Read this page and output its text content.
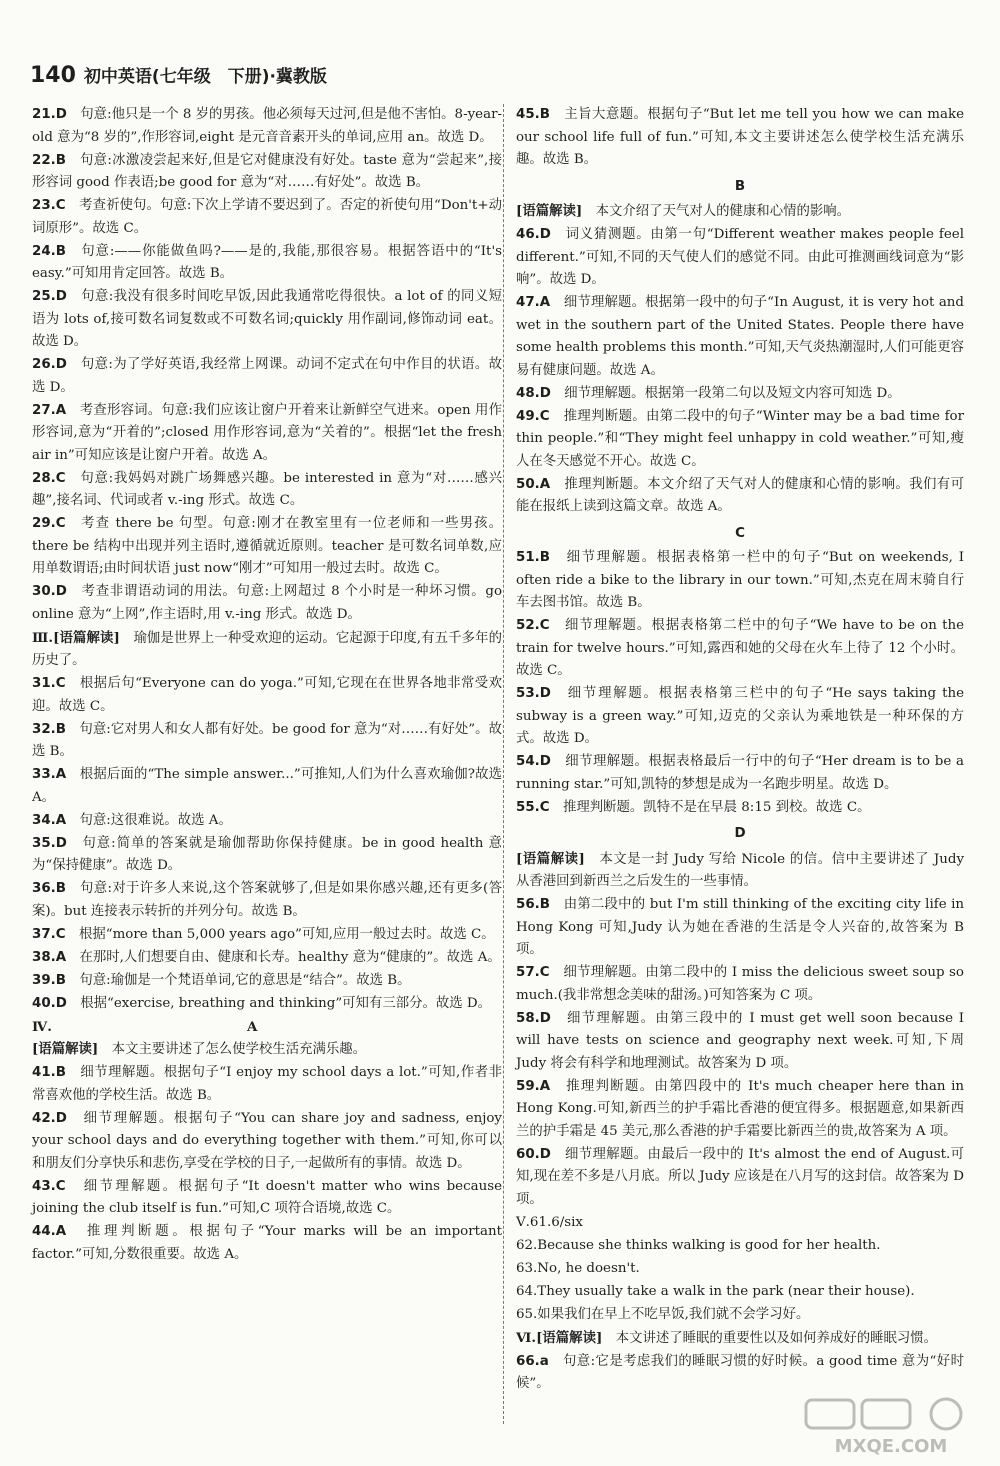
140 初中英语(七年级　下册)·冀教版
21.D　 句意:他只是一个 8 岁的男孩。他必须每天过河,但是他不害怕。8-year-old 意为“8 岁的”,作形容词,eight 是元音音素开头的单词,应用 an。故选 D。
22.B　 句意:冰激凌尝起来好,但是它对健康没有好处。taste 意为“尝起来”,接形容词 good 作表语;be good for 意为“对……有好处”。故选 B。
23.C　 考查祈使句。句意:下次上学请不要迟到了。否定的祈使句用“Don't+动词原形”。故选 C。
24.B　 句意:——你能做鱼吗?——是的,我能,那很容易。根据答语中的“It's easy.”可知用肯定回答。故选 B。
25.D　 句意:我没有很多时间吃早饭,因此我通常吃得很快。a lot of 的同义短语为 lots of,接可数名词复数或不可数名词;quickly 用作副词,修饰动词 eat。故选 D。
26.D　 句意:为了学好英语,我经常上网课。动词不定式在句中作目的状语。故选 D。
27.A　 考查形容词。句意:我们应该让窗户开着来让新鲜空气进来。open 用作形容词,意为“开着的”;closed 用作形容词,意为“关着的”。根据“let the fresh air in”可知应该是让窗户开着。故选 A。
28.C　 句意:我妈妈对跳广场舞感兴趣。be interested in 意为“对……感兴趣”,接名词、代词或者 v.-ing 形式。故选 C。
29.C　 考查 there be 句型。句意:刚才在教室里有一位老师和一些男孩。there be 结构中出现并列主语时,遵循就近原则。teacher 是可数名词单数,应用单数谓语;由时间状语 just now“刚才”可知用一般过去时。故选 C。
30.D　 考查非谓语动词的用法。句意:上网超过 8 个小时是一种坏习惯。go online 意为“上网”,作主语时,用 v.-ing 形式。故选 D。
Ⅲ.[语篇解读]　 瑜伽是世界上一种受欢迎的运动。它起源于印度,有五千多年的历史了。
31.C　 根据后句“Everyone can do yoga.”可知,它现在在世界各地非常受欢迎。故选 C。
32.B　 句意:它对男人和女人都有好处。be good for 意为“对……有好处”。故选 B。
33.A　 根据后面的“The simple answer...”可推知,人们为什么喜欢瑜伽?故选 A。
34.A　 句意:这很难说。故选 A。
35.D　 句意:简单的答案就是瑜伽帮助你保持健康。be in good health 意为“保持健康”。故选 D。
36.B　 句意:对于许多人来说,这个答案就够了,但是如果你感兴趣,还有更多(答案)。but 连接表示转折的并列分句。故选 B。
37.C　 根据“more than 5,000 years ago”可知,应用一般过去时。故选 C。
38.A　 在那时,人们想要自由、健康和长寿。healthy 意为“健康的”。故选 A。
39.B　 句意:瑜伽是一个梵语单词,它的意思是“结合”。故选 B。
40.D　 根据“exercise, breathing and thinking”可知有三部分。故选 D。
Ⅳ.	A
[语篇解读]　 本文主要讲述了怎么使学校生活充满乐趣。
41.B　 细节理解题。根据句子“I enjoy my school days a lot.”可知,作者非常喜欢他的学校生活。故选 B。
42.D　 细节理解题。根据句子“You can share joy and sadness, enjoy your school days and do everything together with them.”可知,你可以和朋友们分享快乐和悲伤,享受在学校的日子,一起做所有的事情。故选 D。
43.C　 细节理解题。根据句子“It doesn't matter who wins because joining the club itself is fun.”可知,C 项符合语境,故选 C。
44.A　 推理判断题。根据句子“Your marks will be an important factor.”可知,分数很重要。故选 A。
45.B　 主旨大意题。根据句子“But let me tell you how we can make our school life full of fun.”可知,本文主要讲述怎么使学校生活充满乐趣。故选 B。
B
[语篇解读]　 本文介绍了天气对人的健康和心情的影响。
46.D　 词义猜测题。由第一句“Different weather makes people feel different.”可知,不同的天气使人们的感觉不同。由此可推测画线词意为“影响”。故选 D。
47.A　 细节理解题。根据第一段中的句子“In August, it is very hot and wet in the southern part of the United States. People there have some health problems this month.”可知,天气炎热潮湿时,人们可能更容易有健康问题。故选 A。
48.D　 细节理解题。根据第一段第二句以及短文内容可知选 D。
49.C　 推理判断题。由第二段中的句子“Winter may be a bad time for thin people.”和“They might feel unhappy in cold weather.”可知,瘦人在冬天感觉不开心。故选 C。
50.A　 推理判断题。本文介绍了天气对人的健康和心情的影响。我们有可能在报纸上读到这篇文章。故选 A。
C
51.B　 细节理解题。根据表格第一栏中的句子“But on weekends, I often ride a bike to the library in our town.”可知,杰克在周末骑自行车去图书馆。故选 B。
52.C　 细节理解题。根据表格第二栏中的句子“We have to be on the train for twelve hours.”可知,露西和她的父母在火车上待了 12 个小时。故选 C。
53.D　 细节理解题。根据表格第三栏中的句子“He says taking the subway is a green way.”可知,迈克的父亲认为乘地铁是一种环保的方式。故选 D。
54.D　 细节理解题。根据表格最后一行中的句子“Her dream is to be a running star.”可知,凯特的梦想是成为一名跑步明星。故选 D。
55.C　 推理判断题。凯特不是在早晨 8:15 到校。故选 C。
D
[语篇解读]　 本文是一封 Judy 写给 Nicole 的信。信中主要讲述了 Judy 从香港回到新西兰之后发生的一些事情。
56.B　 由第二段中的 but I'm still thinking of the exciting city life in Hong Kong 可知,Judy 认为她在香港的生活是令人兴奋的,故答案为 B 项。
57.C　 细节理解题。由第二段中的 I miss the delicious sweet soup so much.(我非常想念美味的甜汤。)可知答案为 C 项。
58.D　 细节理解题。由第三段中的 I must get well soon because I will have tests on science and geography next week.可知,下周 Judy 将会有科学和地理测试。故答案为 D 项。
59.A　 推理判断题。由第四段中的 It's much cheaper here than in Hong Kong.可知,新西兰的护手霜比香港的便宜得多。根据题意,如果新西兰的护手霜是 45 美元,那么香港的护手霜要比新西兰的贵,故答案为 A 项。
60.D　 细节理解题。由最后一段中的 It's almost the end of August.可知,现在差不多是八月底。所以 Judy 应该是在八月写的这封信。故答案为 D 项。
Ⅴ.61.6/six
62.Because she thinks walking is good for her health.
63.No, he doesn't.
64.They usually take a walk in the park (near their house).
65.如果我们在早上不吃早饭,我们就不会学习好。
Ⅵ.[语篇解读]　 本文讲述了睡眠的重要性以及如何养成好的睡眠习惯。
66.a　 句意:它是考虑我们的睡眠习惯的好时候。a good time 意为“好时候”。
MXQE.COM
